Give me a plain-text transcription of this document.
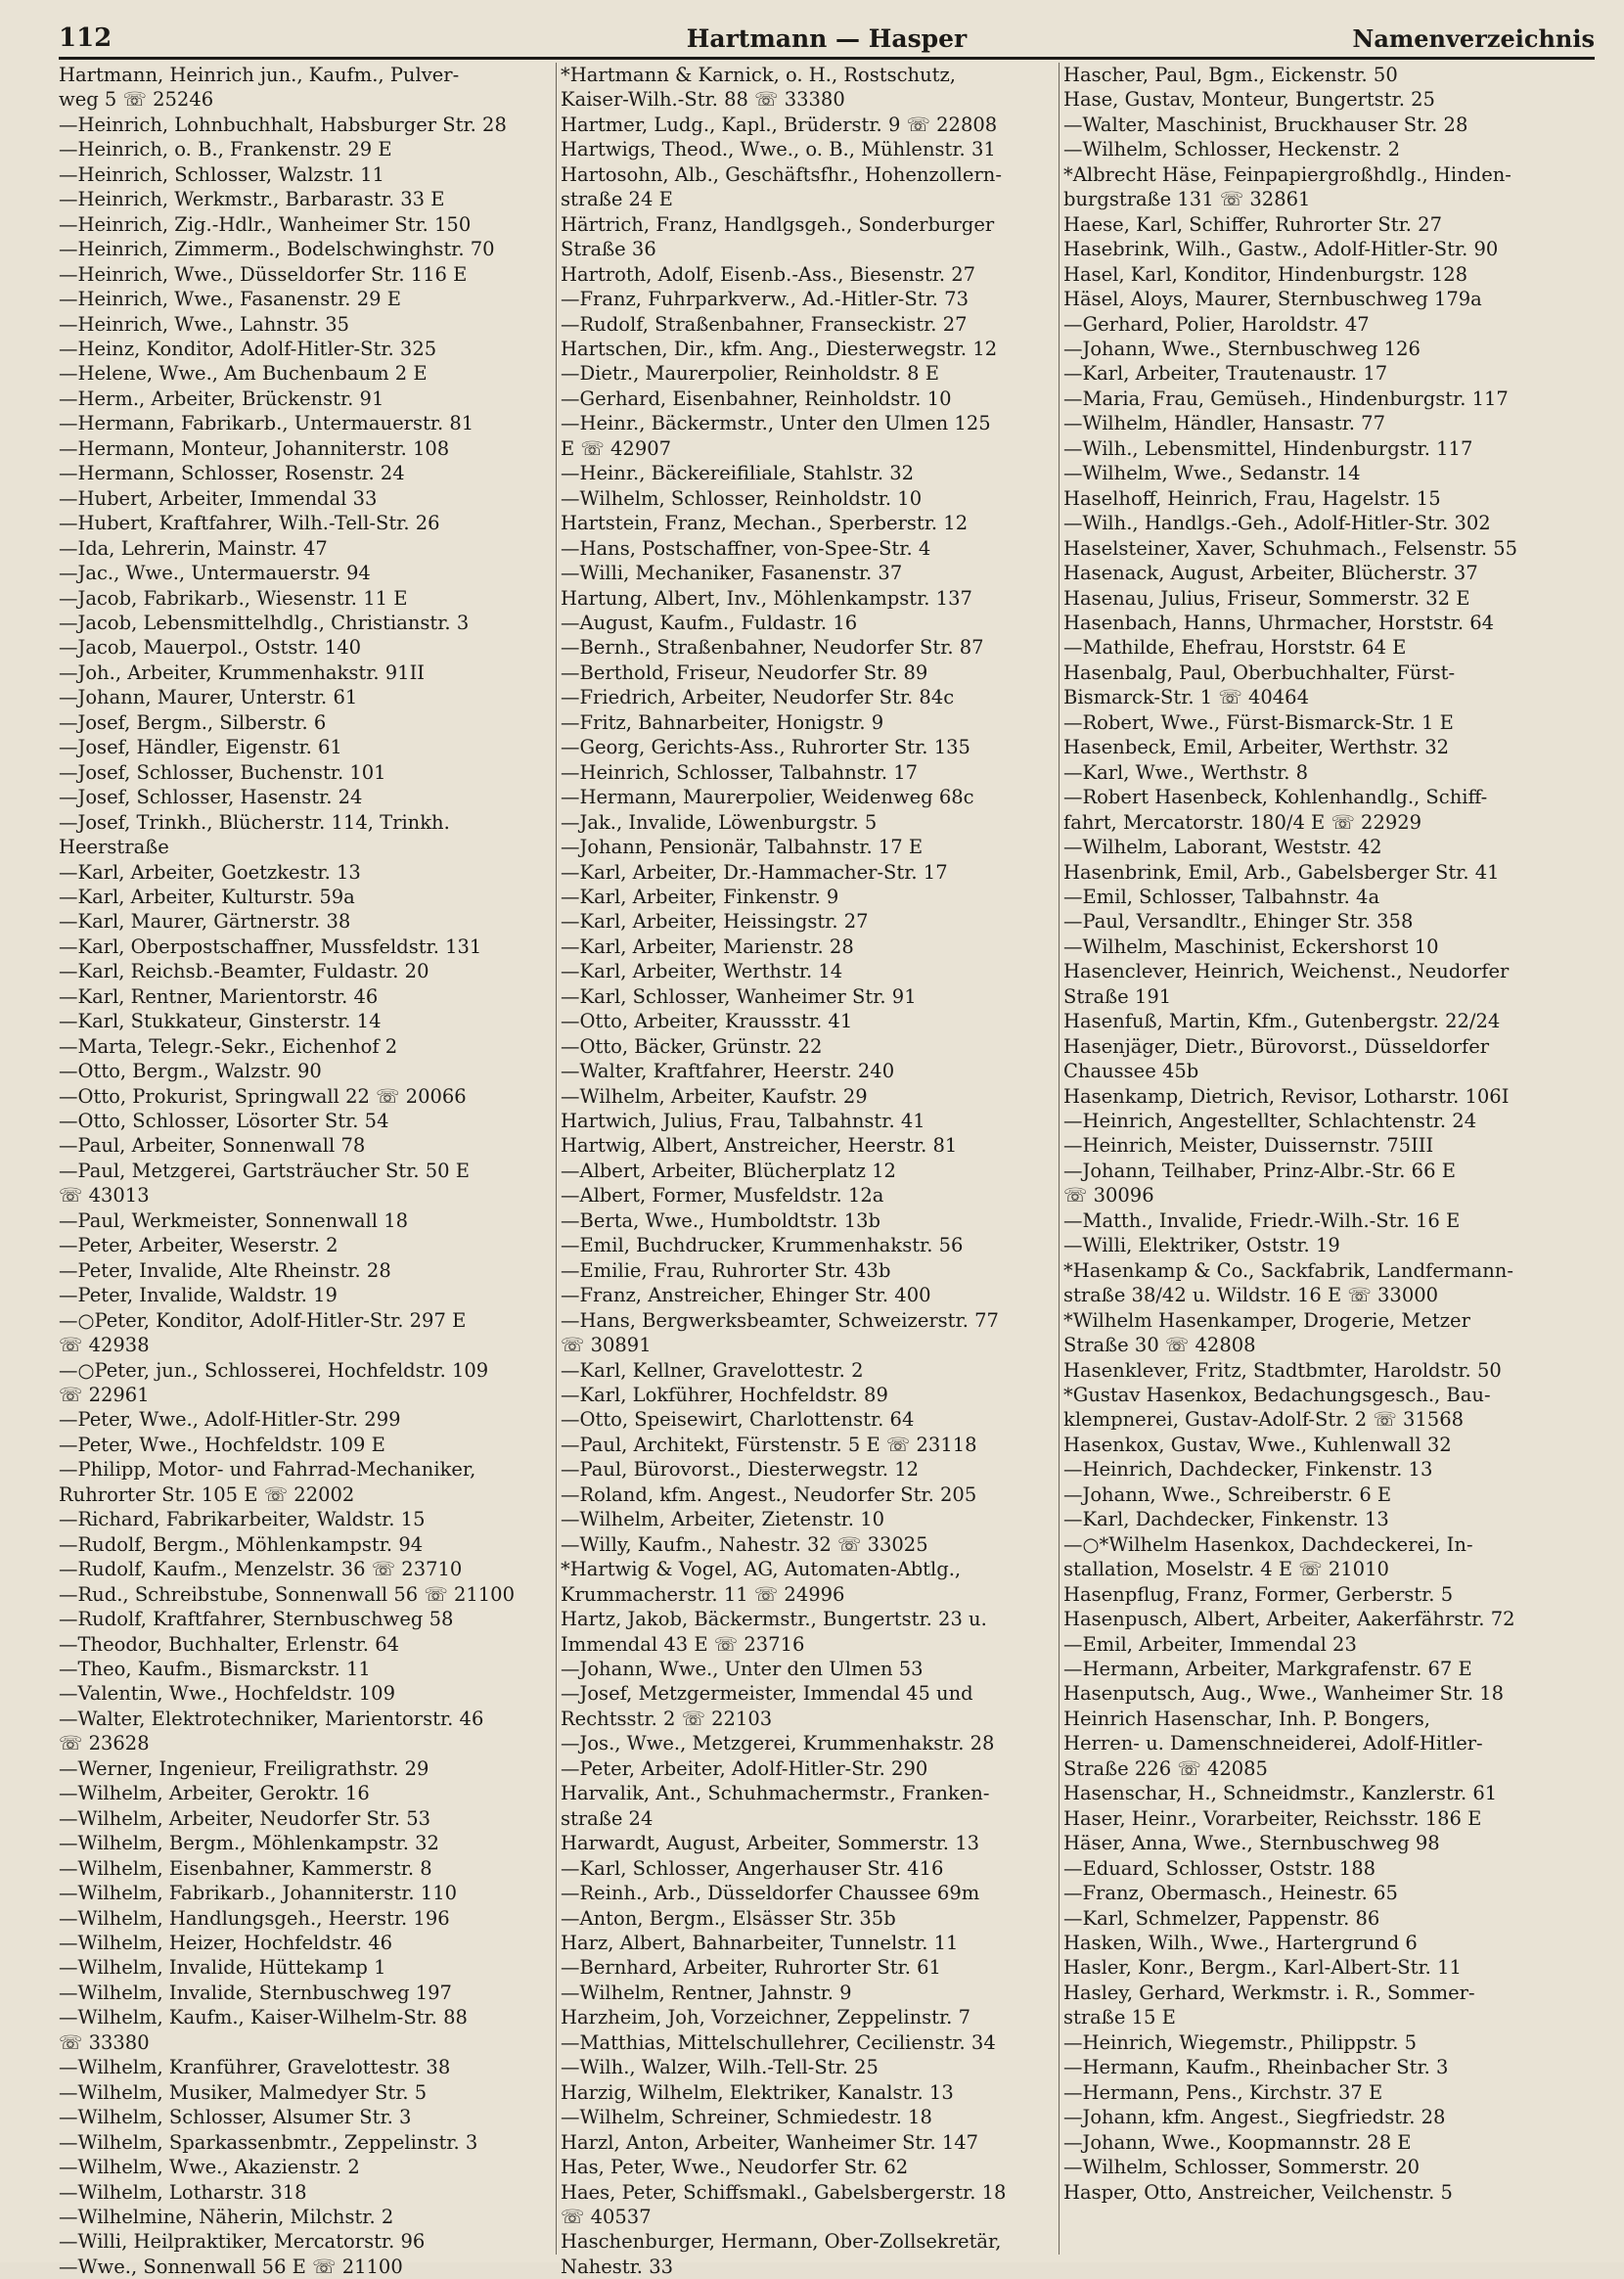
112	Hartmann — Hasper	Namenverzeichnis
Hartmann, Heinrich jun., Kaufm., Pulver-
weg 5 ☏ 25246
—Heinrich, Lohnbuchhalt, Habsburger Str. 28
—Heinrich, o. B., Frankenstr. 29 E
—Heinrich, Schlosser, Walzstr. 11
—Heinrich, Werkmstr., Barbarastr. 33 E
—Heinrich, Zig.-Hdlr., Wanheimer Str. 150
—Heinrich, Zimmerm., Bodelschwinghstr. 70
—Heinrich, Wwe., Düsseldorfer Str. 116 E
—Heinrich, Wwe., Fasanenstr. 29 E
—Heinrich, Wwe., Lahnstr. 35
—Heinz, Konditor, Adolf-Hitler-Str. 325
—Helene, Wwe., Am Buchenbaum 2 E
—Herm., Arbeiter, Brückenstr. 91
—Hermann, Fabrikarb., Untermauerstr. 81
—Hermann, Monteur, Johanniterstr. 108
—Hermann, Schlosser, Rosenstr. 24
—Hubert, Arbeiter, Immendal 33
—Hubert, Kraftfahrer, Wilh.-Tell-Str. 26
—Ida, Lehrerin, Mainstr. 47
—Jac., Wwe., Untermauerstr. 94
—Jacob, Fabrikarb., Wiesenstr. 11 E
—Jacob, Lebensmittelhdlg., Christianstr. 3
—Jacob, Mauerpol., Oststr. 140
—Joh., Arbeiter, Krummenhakstr. 91II
—Johann, Maurer, Unterstr. 61
—Josef, Bergm., Silberstr. 6
—Josef, Händler, Eigenstr. 61
—Josef, Schlosser, Buchenstr. 101
—Josef, Schlosser, Hasenstr. 24
—Josef, Trinkh., Blücherstr. 114, Trinkh.
Heerstraße
—Karl, Arbeiter, Goetzkestr. 13
—Karl, Arbeiter, Kulturstr. 59a
—Karl, Maurer, Gärtnerstr. 38
—Karl, Oberpostschaffner, Mussfeldstr. 131
—Karl, Reichsb.-Beamter, Fuldastr. 20
—Karl, Rentner, Marientorstr. 46
—Karl, Stukkateur, Ginsterstr. 14
—Marta, Telegr.-Sekr., Eichenhof 2
—Otto, Bergm., Walzstr. 90
—Otto, Prokurist, Springwall 22 ☏ 20066
—Otto, Schlosser, Lösorter Str. 54
—Paul, Arbeiter, Sonnenwall 78
—Paul, Metzgerei, Gartsträucher Str. 50 E
☏ 43013
—Paul, Werkmeister, Sonnenwall 18
—Peter, Arbeiter, Weserstr. 2
—Peter, Invalide, Alte Rheinstr. 28
—Peter, Invalide, Waldstr. 19
—○Peter, Konditor, Adolf-Hitler-Str. 297 E
☏ 42938
—○Peter, jun., Schlosserei, Hochfeldstr. 109
☏ 22961
—Peter, Wwe., Adolf-Hitler-Str. 299
—Peter, Wwe., Hochfeldstr. 109 E
—Philipp, Motor- und Fahrrad-Mechaniker,
Ruhrorter Str. 105 E ☏ 22002
—Richard, Fabrikarbeiter, Waldstr. 15
—Rudolf, Bergm., Möhlenkampstr. 94
—Rudolf, Kaufm., Menzelstr. 36 ☏ 23710
—Rud., Schreibstube, Sonnenwall 56 ☏ 21100
—Rudolf, Kraftfahrer, Sternbuschweg 58
—Theodor, Buchhalter, Erlenstr. 64
—Theo, Kaufm., Bismarckstr. 11
—Valentin, Wwe., Hochfeldstr. 109
—Walter, Elektrotechniker, Marientorstr. 46
☏ 23628
—Werner, Ingenieur, Freiligrathstr. 29
—Wilhelm, Arbeiter, Geroktr. 16
—Wilhelm, Arbeiter, Neudorfer Str. 53
—Wilhelm, Bergm., Möhlenkampstr. 32
—Wilhelm, Eisenbahner, Kammerstr. 8
—Wilhelm, Fabrikarb., Johanniterstr. 110
—Wilhelm, Handlungsgeh., Heerstr. 196
—Wilhelm, Heizer, Hochfeldstr. 46
—Wilhelm, Invalide, Hüttekamp 1
—Wilhelm, Invalide, Sternbuschweg 197
—Wilhelm, Kaufm., Kaiser-Wilhelm-Str. 88
☏ 33380
—Wilhelm, Kranführer, Gravelottestr. 38
—Wilhelm, Musiker, Malmedyer Str. 5
—Wilhelm, Schlosser, Alsumer Str. 3
—Wilhelm, Sparkassenbmtr., Zeppelinstr. 3
—Wilhelm, Wwe., Akazienstr. 2
—Wilhelm, Lotharstr. 318
—Wilhelmine, Näherin, Milchstr. 2
—Willi, Heilpraktiker, Mercatorstr. 96
—Wwe., Sonnenwall 56 E ☏ 21100
*Hartmann & Karnick, o. H., Rostschutz,
Kaiser-Wilh.-Str. 88 ☏ 33380
Hartmer, Ludg., Kapl., Brüderstr. 9 ☏ 22808
Hartwigs, Theod., Wwe., o. B., Mühlenstr. 31
Hartosohn, Alb., Geschäftsfhr., Hohenzollern-
straße 24 E
Härtrich, Franz, Handlgsgeh., Sonderburger
Straße 36
Hartroth, Adolf, Eisenb.-Ass., Biesenstr. 27
—Franz, Fuhrparkverw., Ad.-Hitler-Str. 73
—Rudolf, Straßenbahner, Franseckistr. 27
Hartschen, Dir., kfm. Ang., Diesterwegstr. 12
—Dietr., Maurerpolier, Reinholdstr. 8 E
—Gerhard, Eisenbahner, Reinholdstr. 10
—Heinr., Bäckermstr., Unter den Ulmen 125
E ☏ 42907
—Heinr., Bäckereifiliale, Stahlstr. 32
—Wilhelm, Schlosser, Reinholdstr. 10
Hartstein, Franz, Mechan., Sperberstr. 12
—Hans, Postschaffner, von-Spee-Str. 4
—Willi, Mechaniker, Fasanenstr. 37
Hartung, Albert, Inv., Möhlenkampstr. 137
—August, Kaufm., Fuldastr. 16
—Bernh., Straßenbahner, Neudorfer Str. 87
—Berthold, Friseur, Neudorfer Str. 89
—Friedrich, Arbeiter, Neudorfer Str. 84c
—Fritz, Bahnarbeiter, Honigstr. 9
—Georg, Gerichts-Ass., Ruhrorter Str. 135
—Heinrich, Schlosser, Talbahnstr. 17
—Hermann, Maurerpolier, Weidenweg 68c
—Jak., Invalide, Löwenburgstr. 5
—Johann, Pensionär, Talbahnstr. 17 E
—Karl, Arbeiter, Dr.-Hammacher-Str. 17
—Karl, Arbeiter, Finkenstr. 9
—Karl, Arbeiter, Heissingstr. 27
—Karl, Arbeiter, Marienstr. 28
—Karl, Arbeiter, Werthstr. 14
—Karl, Schlosser, Wanheimer Str. 91
—Otto, Arbeiter, Kraussstr. 41
—Otto, Bäcker, Grünstr. 22
—Walter, Kraftfahrer, Heerstr. 240
—Wilhelm, Arbeiter, Kaufstr. 29
Hartwich, Julius, Frau, Talbahnstr. 41
Hartwig, Albert, Anstreicher, Heerstr. 81
—Albert, Arbeiter, Blücherplatz 12
—Albert, Former, Musfeldstr. 12a
—Berta, Wwe., Humboldtstr. 13b
—Emil, Buchdrucker, Krummenhakstr. 56
—Emilie, Frau, Ruhrorter Str. 43b
—Franz, Anstreicher, Ehinger Str. 400
—Hans, Bergwerksbeamter, Schweizerstr. 77
☏ 30891
—Karl, Kellner, Gravelottestr. 2
—Karl, Lokführer, Hochfeldstr. 89
—Otto, Speisewirt, Charlottenstr. 64
—Paul, Architekt, Fürstenstr. 5 E ☏ 23118
—Paul, Bürovorst., Diesterwegstr. 12
—Roland, kfm. Angest., Neudorfer Str. 205
—Wilhelm, Arbeiter, Zietenstr. 10
—Willy, Kaufm., Nahestr. 32 ☏ 33025
*Hartwig & Vogel, AG, Automaten-Abtlg.,
Krummacherstr. 11 ☏ 24996
Hartz, Jakob, Bäckermstr., Bungertstr. 23 u.
Immendal 43 E ☏ 23716
—Johann, Wwe., Unter den Ulmen 53
—Josef, Metzgermeister, Immendal 45 und
Rechtsstr. 2 ☏ 22103
—Jos., Wwe., Metzgerei, Krummenhakstr. 28
—Peter, Arbeiter, Adolf-Hitler-Str. 290
Harvalik, Ant., Schuhmachermstr., Franken-
straße 24
Harwardt, August, Arbeiter, Sommerstr. 13
—Karl, Schlosser, Angerhauser Str. 416
—Reinh., Arb., Düsseldorfer Chaussee 69m
—Anton, Bergm., Elsässer Str. 35b
Harz, Albert, Bahnarbeiter, Tunnelstr. 11
—Bernhard, Arbeiter, Ruhrorter Str. 61
—Wilhelm, Rentner, Jahnstr. 9
Harzheim, Joh, Vorzeichner, Zeppelinstr. 7
—Matthias, Mittelschullehrer, Cecilienstr. 34
—Wilh., Walzer, Wilh.-Tell-Str. 25
Harzig, Wilhelm, Elektriker, Kanalstr. 13
—Wilhelm, Schreiner, Schmiedestr. 18
Harzl, Anton, Arbeiter, Wanheimer Str. 147
Has, Peter, Wwe., Neudorfer Str. 62
Haes, Peter, Schiffsmakl., Gabelsbergerstr. 18
☏ 40537
Haschenburger, Hermann, Ober-Zollsekretär,
Nahestr. 33
Hascher, Paul, Bgm., Eickenstr. 50
Hase, Gustav, Monteur, Bungertstr. 25
—Walter, Maschinist, Bruckhauser Str. 28
—Wilhelm, Schlosser, Heckenstr. 2
*Albrecht Häse, Feinpapiergroßhdlg., Hinden-
burgstraße 131 ☏ 32861
Haese, Karl, Schiffer, Ruhrorter Str. 27
Hasebrink, Wilh., Gastw., Adolf-Hitler-Str. 90
Hasel, Karl, Konditor, Hindenburgstr. 128
Häsel, Aloys, Maurer, Sternbuschweg 179a
—Gerhard, Polier, Haroldstr. 47
—Johann, Wwe., Sternbuschweg 126
—Karl, Arbeiter, Trautenaustr. 17
—Maria, Frau, Gemüseh., Hindenburgstr. 117
—Wilhelm, Händler, Hansastr. 77
—Wilh., Lebensmittel, Hindenburgstr. 117
—Wilhelm, Wwe., Sedanstr. 14
Haselhoff, Heinrich, Frau, Hagelstr. 15
—Wilh., Handlgs.-Geh., Adolf-Hitler-Str. 302
Haselsteiner, Xaver, Schuhmach., Felsenstr. 55
Hasenack, August, Arbeiter, Blücherstr. 37
Hasenau, Julius, Friseur, Sommerstr. 32 E
Hasenbach, Hanns, Uhrmacher, Horststr. 64
—Mathilde, Ehefrau, Horststr. 64 E
Hasenbalg, Paul, Oberbuchhalter, Fürst-
Bismarck-Str. 1 ☏ 40464
—Robert, Wwe., Fürst-Bismarck-Str. 1 E
Hasenbeck, Emil, Arbeiter, Werthstr. 32
—Karl, Wwe., Werthstr. 8
—Robert Hasenbeck, Kohlenhandlg., Schiff-
fahrt, Mercatorstr. 180/4 E ☏ 22929
—Wilhelm, Laborant, Weststr. 42
Hasenbrink, Emil, Arb., Gabelsberger Str. 41
—Emil, Schlosser, Talbahnstr. 4a
—Paul, Versandltr., Ehinger Str. 358
—Wilhelm, Maschinist, Eckershorst 10
Hasenclever, Heinrich, Weichenst., Neudorfer
Straße 191
Hasenfuß, Martin, Kfm., Gutenbergstr. 22/24
Hasenjäger, Dietr., Bürovorst., Düsseldorfer
Chaussee 45b
Hasenkamp, Dietrich, Revisor, Lotharstr. 106I
—Heinrich, Angestellter, Schlachtenstr. 24
—Heinrich, Meister, Duissernstr. 75III
—Johann, Teilhaber, Prinz-Albr.-Str. 66 E
☏ 30096
—Matth., Invalide, Friedr.-Wilh.-Str. 16 E
—Willi, Elektriker, Oststr. 19
*Hasenkamp & Co., Sackfabrik, Landfermann-
straße 38/42 u. Wildstr. 16 E ☏ 33000
*Wilhelm Hasenkamper, Drogerie, Metzer
Straße 30 ☏ 42808
Hasenklever, Fritz, Stadtbmter, Haroldstr. 50
*Gustav Hasenkox, Bedachungsgesch., Bau-
klempnerei, Gustav-Adolf-Str. 2 ☏ 31568
Hasenkox, Gustav, Wwe., Kuhlenwall 32
—Heinrich, Dachdecker, Finkenstr. 13
—Johann, Wwe., Schreiberstr. 6 E
—Karl, Dachdecker, Finkenstr. 13
—○*Wilhelm Hasenkox, Dachdeckerei, In-
stallation, Moselstr. 4 E ☏ 21010
Hasenpflug, Franz, Former, Gerberstr. 5
Hasenpusch, Albert, Arbeiter, Aakerfährstr. 72
—Emil, Arbeiter, Immendal 23
—Hermann, Arbeiter, Markgrafenstr. 67 E
Hasenputsch, Aug., Wwe., Wanheimer Str. 18
Heinrich Hasenschar, Inh. P. Bongers,
Herren- u. Damenschneiderei, Adolf-Hitler-
Straße 226 ☏ 42085
Hasenschar, H., Schneidmstr., Kanzlerstr. 61
Haser, Heinr., Vorarbeiter, Reichsstr. 186 E
Häser, Anna, Wwe., Sternbuschweg 98
—Eduard, Schlosser, Oststr. 188
—Franz, Obermasch., Heinestr. 65
—Karl, Schmelzer, Pappenstr. 86
Hasken, Wilh., Wwe., Hartergrund 6
Hasler, Konr., Bergm., Karl-Albert-Str. 11
Hasley, Gerhard, Werkmstr. i. R., Sommer-
straße 15 E
—Heinrich, Wiegemstr., Philippstr. 5
—Hermann, Kaufm., Rheinbacher Str. 3
—Hermann, Pens., Kirchstr. 37 E
—Johann, kfm. Angest., Siegfriedstr. 28
—Johann, Wwe., Koopmannstr. 28 E
—Wilhelm, Schlosser, Sommerstr. 20
Hasper, Otto, Anstreicher, Veilchenstr. 5
